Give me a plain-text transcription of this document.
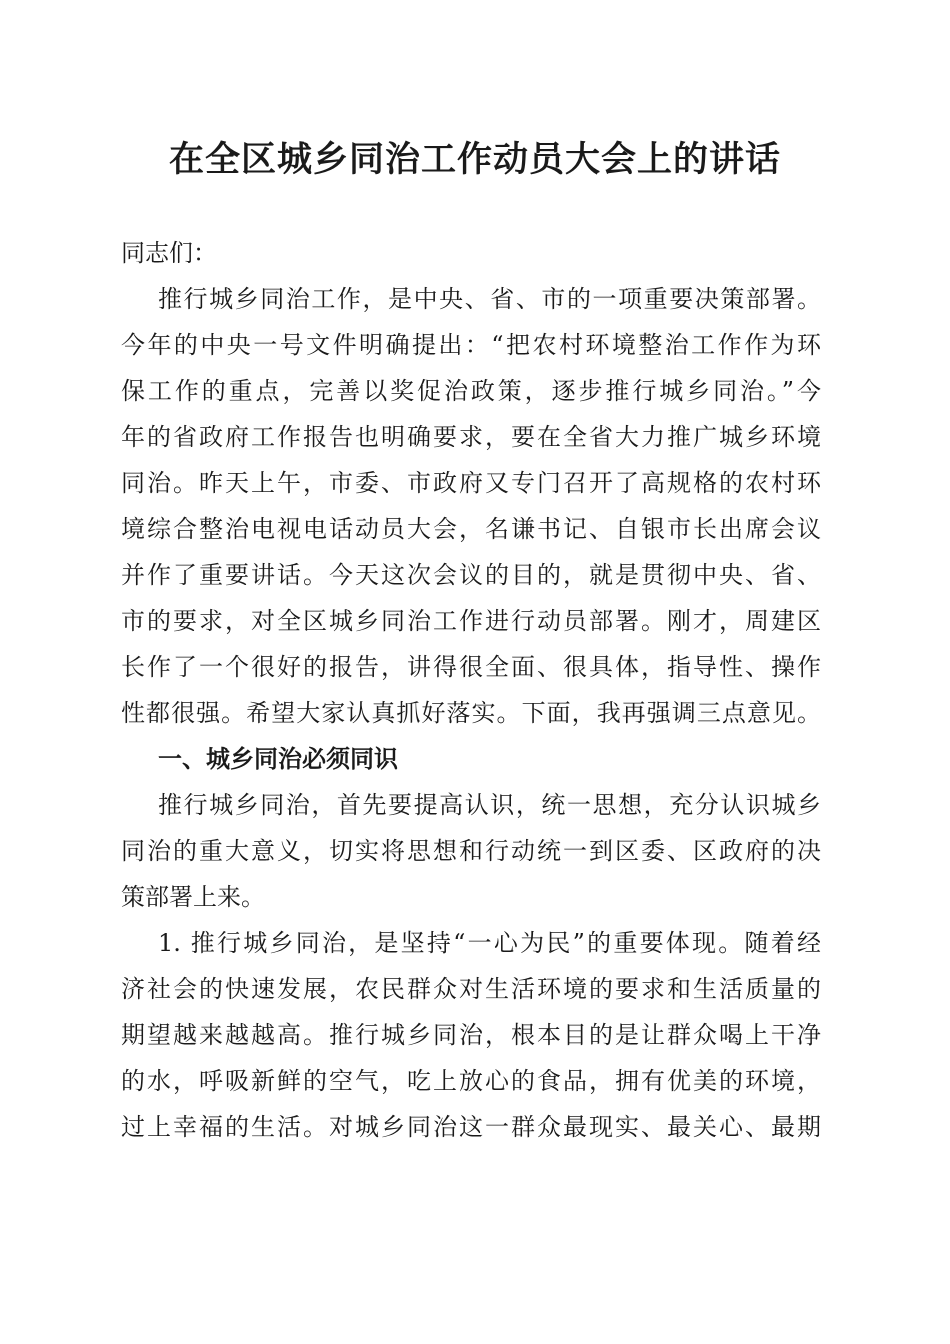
在全区城乡同治工作动员大会上的讲话

同志们：

推行城乡同治工作，是中央、省、市的一项重要决策部署。

今年的中央一号文件明确提出：“把农村环境整治工作作为环

保工作的重点，完善以奖促治政策，逐步推行城乡同治。”今

年的省政府工作报告也明确要求，要在全省大力推广城乡环境

同治。昨天上午，市委、市政府又专门召开了高规格的农村环

境综合整治电视电话动员大会，名谦书记、自银市长出席会议

并作了重要讲话。今天这次会议的目的，就是贯彻中央、省、

市的要求，对全区城乡同治工作进行动员部署。刚才，周建区

长作了一个很好的报告，讲得很全面、很具体，指导性、操作

性都很强。希望大家认真抓好落实。下面，我再强调三点意见。

一、城乡同治必须同识

推行城乡同治，首先要提高认识，统一思想，充分认识城乡

同治的重大意义，切实将思想和行动统一到区委、区政府的决

策部署上来。

1. 推行城乡同治，是坚持“一心为民”的重要体现。随着经

济社会的快速发展，农民群众对生活环境的要求和生活质量的

期望越来越越高。推行城乡同治，根本目的是让群众喝上干净

的水，呼吸新鲜的空气，吃上放心的食品，拥有优美的环境，

过上幸福的生活。对城乡同治这一群众最现实、最关心、最期
